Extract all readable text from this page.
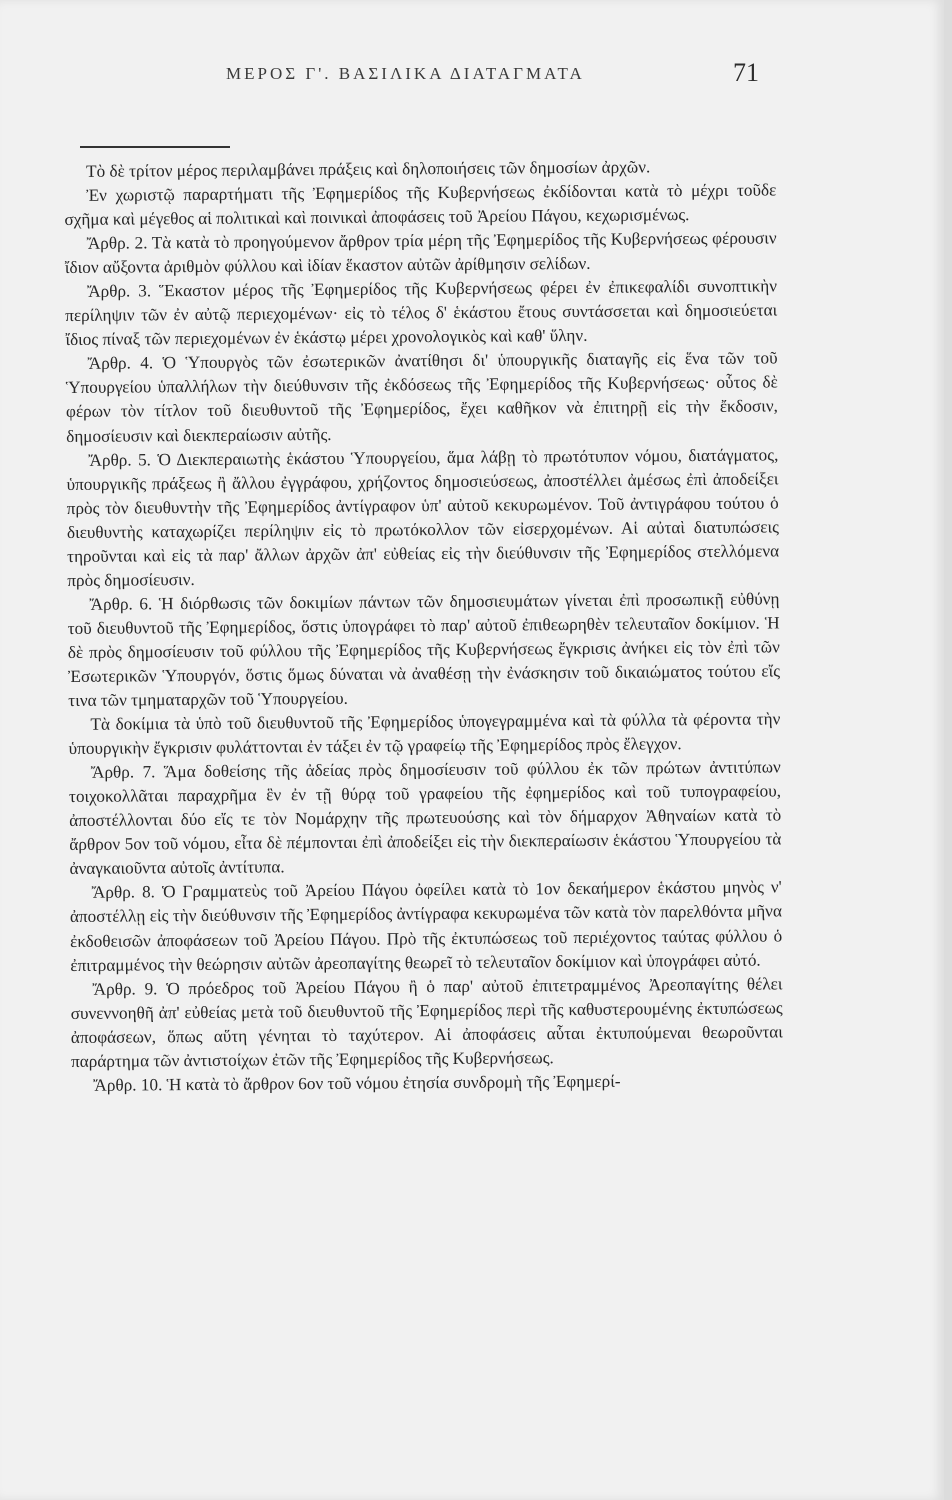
ΜΕΡΟΣ Γ'. ΒΑΣΙΛΙΚΑ ΔΙΑΤΑΓΜΑΤΑ	71

Τὸ δὲ τρίτον μέρος περιλαμβάνει πράξεις καὶ δηλοποιήσεις τῶν δημοσίων ἀρχῶν.

Ἐν χωριστῷ παραρτήματι τῆς Ἐφημερίδος τῆς Κυβερνήσεως ἐκδίδονται κατὰ τὸ μέχρι τοῦδε σχῆμα καὶ μέγεθος αἱ πολιτικαὶ καὶ ποινικαὶ ἀποφάσεις τοῦ Ἀρείου Πάγου, κεχωρισμένως.

Ἄρθρ. 2. Τὰ κατὰ τὸ προηγούμενον ἄρθρον τρία μέρη τῆς Ἐφημερίδος τῆς Κυβερνήσεως φέρουσιν ἴδιον αὔξοντα ἀριθμὸν φύλλου καὶ ἰδίαν ἕκαστον αὐτῶν ἀρίθμησιν σελίδων.

Ἄρθρ. 3. Ἕκαστον μέρος τῆς Ἐφημερίδος τῆς Κυβερνήσεως φέρει ἐν ἐπικεφαλίδι συνοπτικὴν περίληψιν τῶν ἐν αὐτῷ περιεχομένων· εἰς τὸ τέλος δ' ἑκάστου ἔτους συντάσσεται καὶ δημοσιεύεται ἴδιος πίναξ τῶν περιεχομένων ἐν ἑκάστῳ μέρει χρονολογικὸς καὶ καθ' ὕλην.

Ἄρθρ. 4. Ὁ Ὑπουργὸς τῶν ἐσωτερικῶν ἀνατίθησι δι' ὑπουργικῆς διαταγῆς εἰς ἕνα τῶν τοῦ Ὑπουργείου ὑπαλλήλων τὴν διεύθυνσιν τῆς ἐκδόσεως τῆς Ἐφημερίδος τῆς Κυβερνήσεως· οὗτος δὲ φέρων τὸν τίτλον τοῦ διευθυντοῦ τῆς Ἐφημερίδος, ἔχει καθῆκον νὰ ἐπιτηρῇ εἰς τὴν ἔκδοσιν, δημοσίευσιν καὶ διεκπεραίωσιν αὐτῆς.

Ἄρθρ. 5. Ὁ Διεκπεραιωτὴς ἑκάστου Ὑπουργείου, ἅμα λάβῃ τὸ πρωτότυπον νόμου, διατάγματος, ὑπουργικῆς πράξεως ἢ ἄλλου ἐγγράφου, χρήζοντος δημοσιεύσεως, ἀποστέλλει ἀμέσως ἐπὶ ἀποδείξει πρὸς τὸν διευθυντὴν τῆς Ἐφημερίδος ἀντίγραφον ὑπ' αὐτοῦ κεκυρωμένον. Τοῦ ἀντιγράφου τούτου ὁ διευθυντὴς καταχωρίζει περίληψιν εἰς τὸ πρωτόκολλον τῶν εἰσερχομένων. Αἱ αὐταὶ διατυπώσεις τηροῦνται καὶ εἰς τὰ παρ' ἄλλων ἀρχῶν ἀπ' εὐθείας εἰς τὴν διεύθυνσιν τῆς Ἐφημερίδος στελλόμενα πρὸς δημοσίευσιν.

Ἄρθρ. 6. Ἡ διόρθωσις τῶν δοκιμίων πάντων τῶν δημοσιευμάτων γίνεται ἐπὶ προσωπικῇ εὐθύνῃ τοῦ διευθυντοῦ τῆς Ἐφημερίδος, ὅστις ὑπογράφει τὸ παρ' αὐτοῦ ἐπιθεωρηθὲν τελευταῖον δοκίμιον. Ἡ δὲ πρὸς δημοσίευσιν τοῦ φύλλου τῆς Ἐφημερίδος τῆς Κυβερνήσεως ἔγκρισις ἀνήκει εἰς τὸν ἐπὶ τῶν Ἐσωτερικῶν Ὑπουργόν, ὅστις ὅμως δύναται νὰ ἀναθέσῃ τὴν ἐνάσκησιν τοῦ δικαιώματος τούτου εἴς τινα τῶν τμηματαρχῶν τοῦ Ὑπουργείου.

Τὰ δοκίμια τὰ ὑπὸ τοῦ διευθυντοῦ τῆς Ἐφημερίδος ὑπογεγραμμένα καὶ τὰ φύλλα τὰ φέροντα τὴν ὑπουργικὴν ἔγκρισιν φυλάττονται ἐν τάξει ἐν τῷ γραφείῳ τῆς Ἐφημερίδος πρὸς ἔλεγχον.

Ἄρθρ. 7. Ἅμα δοθείσης τῆς ἀδείας πρὸς δημοσίευσιν τοῦ φύλλου ἐκ τῶν πρώτων ἀντιτύπων τοιχοκολλᾶται παραχρῆμα ἓν ἐν τῇ θύρᾳ τοῦ γραφείου τῆς ἐφημερίδος καὶ τοῦ τυπογραφείου, ἀποστέλλονται δύο εἴς τε τὸν Νομάρχην τῆς πρωτευούσης καὶ τὸν δήμαρχον Ἀθηναίων κατὰ τὸ ἄρθρον 5ον τοῦ νόμου, εἶτα δὲ πέμπονται ἐπὶ ἀποδείξει εἰς τὴν διεκπεραίωσιν ἑκάστου Ὑπουργείου τὰ ἀναγκαιοῦντα αὐτοῖς ἀντίτυπα.

Ἄρθρ. 8. Ὁ Γραμματεὺς τοῦ Ἀρείου Πάγου ὀφείλει κατὰ τὸ 1ον δεκαήμερον ἑκάστου μηνὸς ν' ἀποστέλλῃ εἰς τὴν διεύθυνσιν τῆς Ἐφημερίδος ἀντίγραφα κεκυρωμένα τῶν κατὰ τὸν παρελθόντα μῆνα ἐκδοθεισῶν ἀποφάσεων τοῦ Ἀρείου Πάγου. Πρὸ τῆς ἐκτυπώσεως τοῦ περιέχοντος ταύτας φύλλου ὁ ἐπιτραμμένος τὴν θεώρησιν αὐτῶν ἀρεοπαγίτης θεωρεῖ τὸ τελευταῖον δοκίμιον καὶ ὑπογράφει αὐτό.

Ἄρθρ. 9. Ὁ πρόεδρος τοῦ Ἀρείου Πάγου ἢ ὁ παρ' αὐτοῦ ἐπιτετραμμένος Ἀρεοπαγίτης θέλει συνεννοηθῆ ἀπ' εὐθείας μετὰ τοῦ διευθυντοῦ τῆς Ἐφημερίδος περὶ τῆς καθυστερουμένης ἐκτυπώσεως ἀποφάσεων, ὅπως αὕτη γένηται τὸ ταχύτερον. Αἱ ἀποφάσεις αὗται ἐκτυπούμεναι θεωροῦνται παράρτημα τῶν ἀντιστοίχων ἐτῶν τῆς Ἐφημερίδος τῆς Κυβερνήσεως.

Ἄρθρ. 10. Ἡ κατὰ τὸ ἄρθρον 6ον τοῦ νόμου ἐτησία συνδρομὴ τῆς Ἐφημερί-
